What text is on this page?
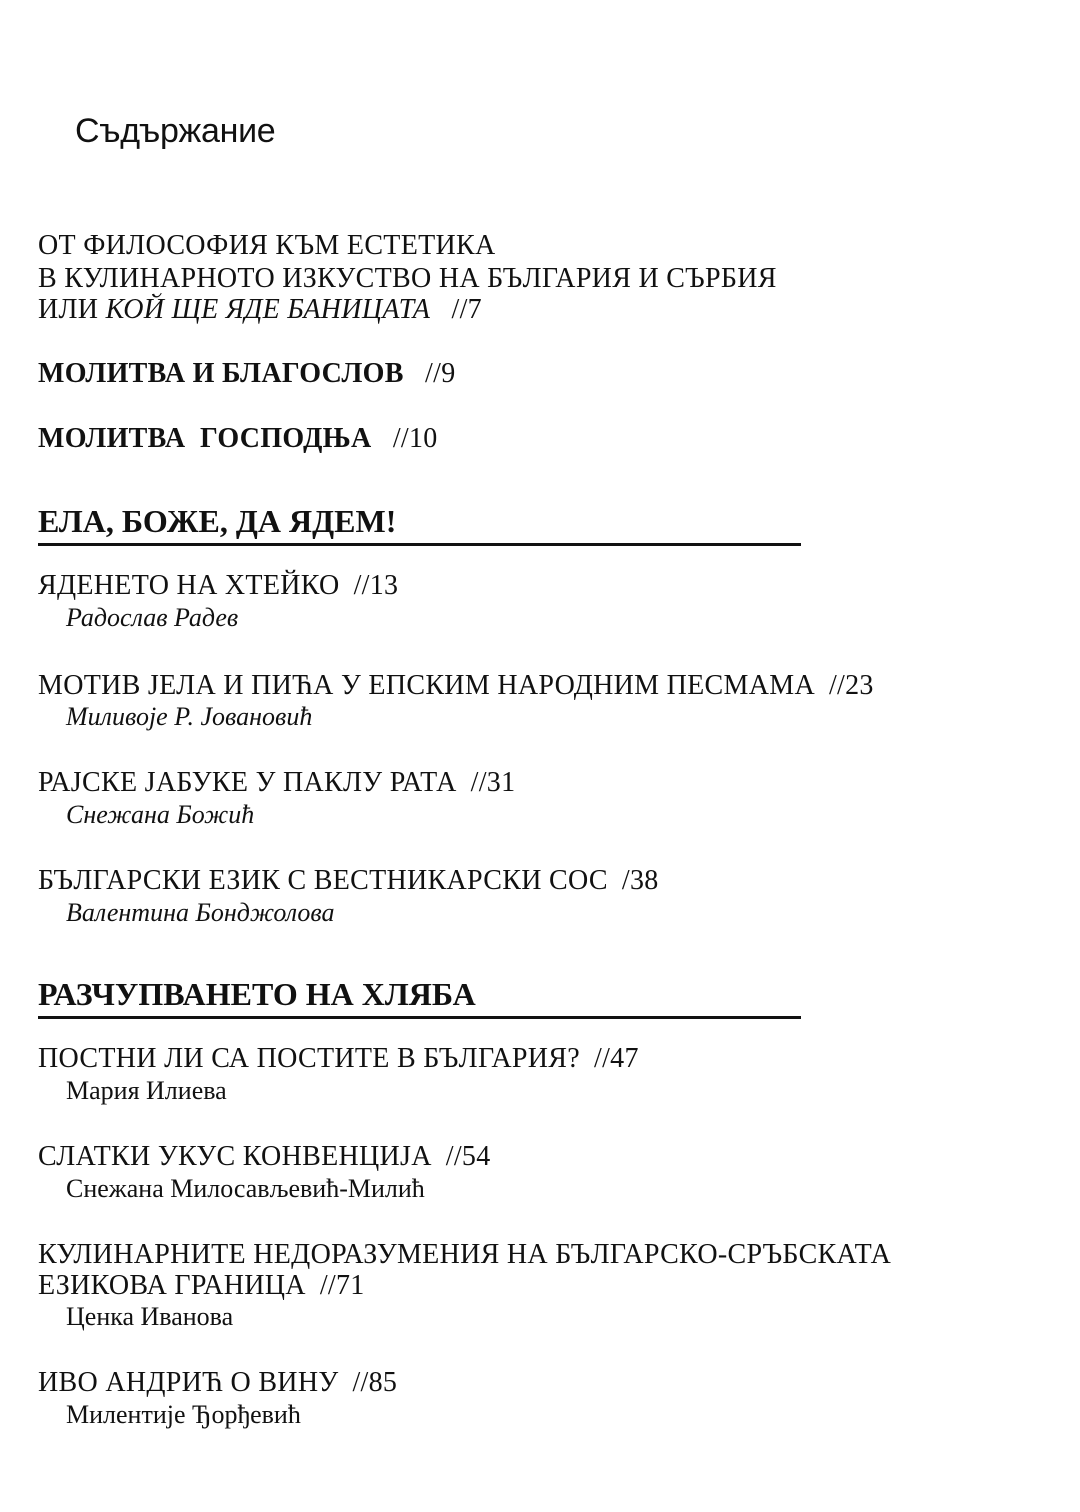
Съдържание
ОТ ФИЛОСОФИЯ КЪМ ЕСТЕТИКА
В КУЛИНАРНОТО ИЗКУСТВО НА БЪЛГАРИЯ И СЪРБИЯ
ИЛИ КОЙ ЩЕ ЯДЕ БАНИЦАТА //7
МОЛИТВА И БЛАГОСЛОВ //9
МОЛИТВА  ГОСПОДЊА //10
ЕЛА, БОЖЕ, ДА ЯДЕМ!
ЯДЕНЕТО НА ХТЕЙКО //13
Радослав Радев
МОТИВ ЈЕЛА И ПИЋА У ЕПСКИМ НАРОДНИМ ПЕСМАМА //23
Миливоје Р. Јовановић
РАЈСКЕ ЈАБУКЕ У ПАКЛУ РАТА //31
Снежана Божић
БЪЛГАРСКИ ЕЗИК С ВЕСТНИКАРСКИ СОС /38
Валентина Бонджолова
РАЗЧУПВАНЕТО НА ХЛЯБА
ПОСТНИ ЛИ СА ПОСТИТЕ В БЪЛГАРИЯ? //47
Мария Илиева
СЛАТКИ УКУС КОНВЕНЦИЈА //54
Снежана Милосављевић-Милић
КУЛИНАРНИТЕ НЕДОРАЗУМЕНИЯ НА БЪЛГАРСКО-СРЪБСКАТА
ЕЗИКОВА ГРАНИЦА //71
Ценка Иванова
ИВО АНДРИЋ О ВИНУ //85
Милентије Ђорђевић
